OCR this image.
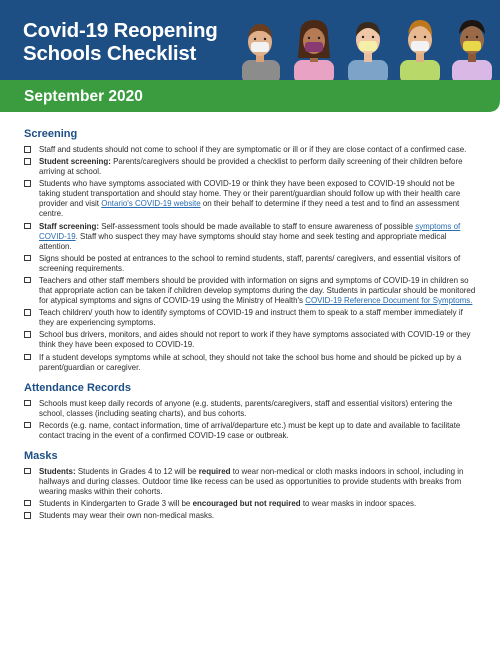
Covid-19 Reopening
Schools Checklist
September 2020
Screening
Staff and students should not come to school if they are symptomatic or ill or if they are close contact of a confirmed case.
Student screening: Parents/caregivers should be provided a checklist to perform daily screening of their children before arriving at school.
Students who have symptoms associated with COVID-19 or think they have been exposed to COVID-19 should not be taking student transportation and should stay home. They or their parent/guardian should follow up with their health care provider and visit Ontario's COVID-19 website on their behalf to determine if they need a test and to find an assessment centre.
Staff screening: Self-assessment tools should be made available to staff to ensure awareness of possible symptoms of COVID-19. Staff who suspect they may have symptoms should stay home and seek testing and appropriate medical attention.
Signs should be posted at entrances to the school to remind students, staff, parents/ caregivers, and essential visitors of screening requirements.
Teachers and other staff members should be provided with information on signs and symptoms of COVID-19 in children so that appropriate action can be taken if children develop symptoms during the day. Students in particular should be monitored for atypical symptoms and signs of COVID-19 using the Ministry of Health's COVID-19 Reference Document for Symptoms.
Teach children/ youth how to identify symptoms of COVID-19 and instruct them to speak to a staff member immediately if they are experiencing symptoms.
School bus drivers, monitors, and aides should not report to work if they have symptoms associated with COVID-19 or they think they have been exposed to COVID-19.
If a student develops symptoms while at school, they should not take the school bus home and should be picked up by a parent/guardian or caregiver.
Attendance Records
Schools must keep daily records of anyone (e.g. students, parents/caregivers, staff and essential visitors) entering the school, classes (including seating charts), and bus cohorts.
Records (e.g. name, contact information, time of arrival/departure etc.) must be kept up to date and available to facilitate contact tracing in the event of a confirmed COVID-19 case or outbreak.
Masks
Students: Students in Grades 4 to 12 will be required to wear non-medical or cloth masks indoors in school, including in hallways and during classes. Outdoor time like recess can be used as opportunities to provide students with breaks from wearing masks within their cohorts.
Students in Kindergarten to Grade 3 will be encouraged but not required to wear masks in indoor spaces.
Students may wear their own non-medical masks.
